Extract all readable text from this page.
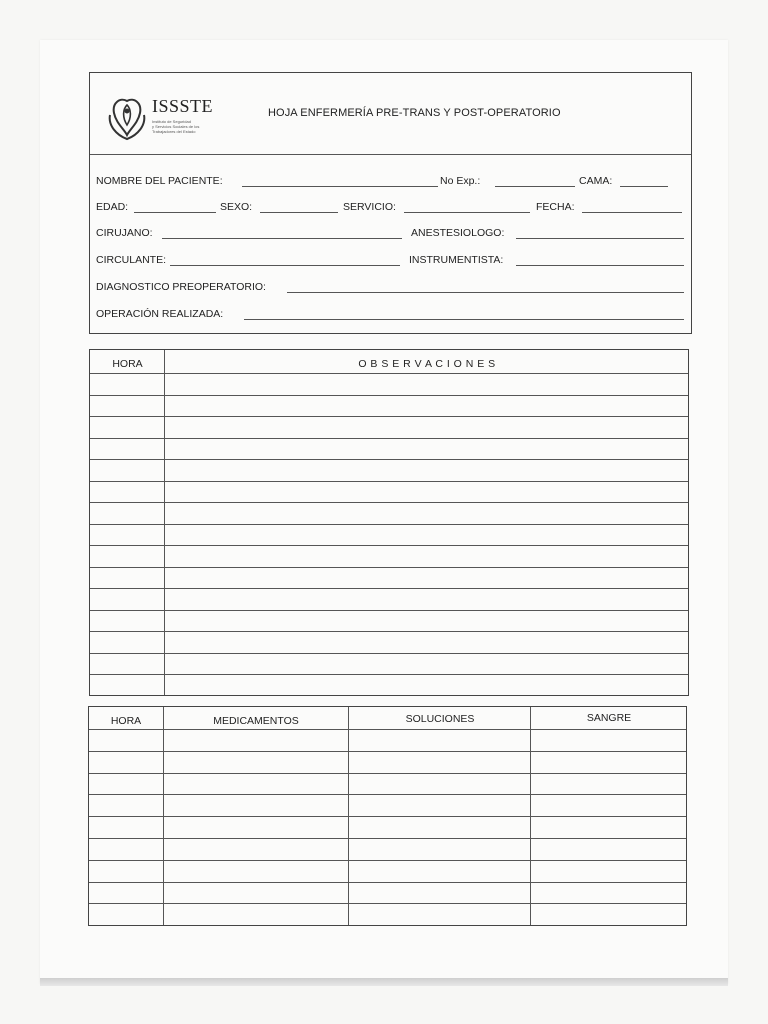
ISSSTE
Instituto de Seguridad
y Servicios Sociales de los
Trabajadores del Estado
HOJA ENFERMERÍA PRE-TRANS Y POST-OPERATORIO
NOMBRE DEL PACIENTE:	No Exp.:	CAMA:
EDAD:	SEXO:	SERVICIO:	FECHA:
CIRUJANO:	ANESTESIOLOGO:
CIRCULANTE:	INSTRUMENTISTA:
DIAGNOSTICO PREOPERATORIO:
OPERACIÓN REALIZADA:
HORA	O B S E R V A C I O N E S
HORA	MEDICAMENTOS	SOLUCIONES	SANGRE
